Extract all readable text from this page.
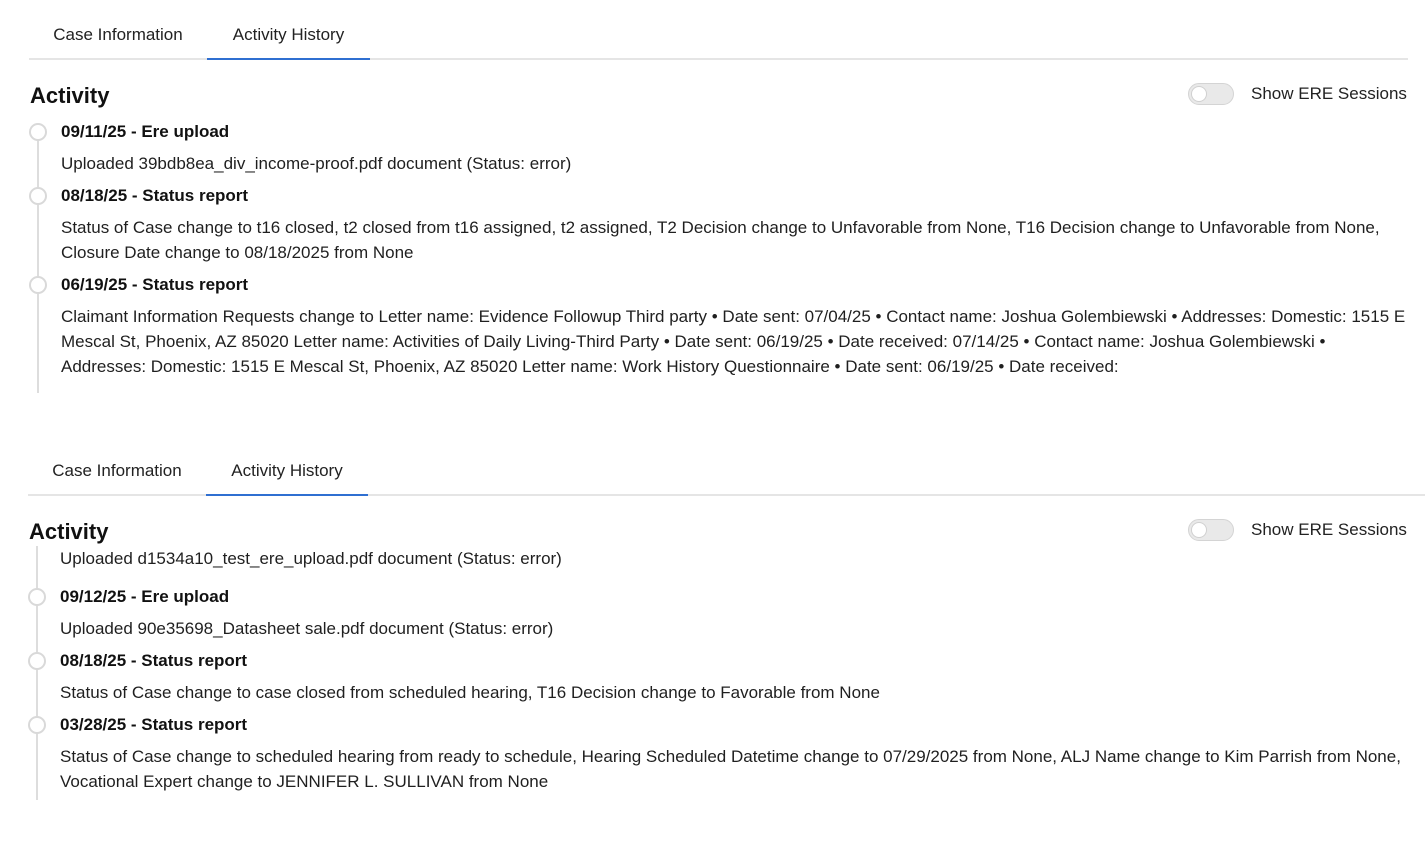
Case Information	Activity History
Activity	Show ERE Sessions
09/11/25 - Ere upload
Uploaded 39bdb8ea_div_income-proof.pdf document (Status: error)
08/18/25 - Status report
Status of Case change to t16 closed, t2 closed from t16 assigned, t2 assigned, T2 Decision change to Unfavorable from None, T16 Decision change to Unfavorable from None, Closure Date change to 08/18/2025 from None
06/19/25 - Status report
Claimant Information Requests change to Letter name: Evidence Followup Third party • Date sent: 07/04/25 • Contact name: Joshua Golembiewski • Addresses: Domestic: 1515 E Mescal St, Phoenix, AZ 85020 Letter name: Activities of Daily Living-Third Party • Date sent: 06/19/25 • Date received: 07/14/25 • Contact name: Joshua Golembiewski • Addresses: Domestic: 1515 E Mescal St, Phoenix, AZ 85020 Letter name: Work History Questionnaire • Date sent: 06/19/25 • Date received:
Case Information	Activity History
Activity	Show ERE Sessions
Uploaded d1534a10_test_ere_upload.pdf document (Status: error)
09/12/25 - Ere upload
Uploaded 90e35698_Datasheet sale.pdf document (Status: error)
08/18/25 - Status report
Status of Case change to case closed from scheduled hearing, T16 Decision change to Favorable from None
03/28/25 - Status report
Status of Case change to scheduled hearing from ready to schedule, Hearing Scheduled Datetime change to 07/29/2025 from None, ALJ Name change to Kim Parrish from None, Vocational Expert change to JENNIFER L. SULLIVAN from None
